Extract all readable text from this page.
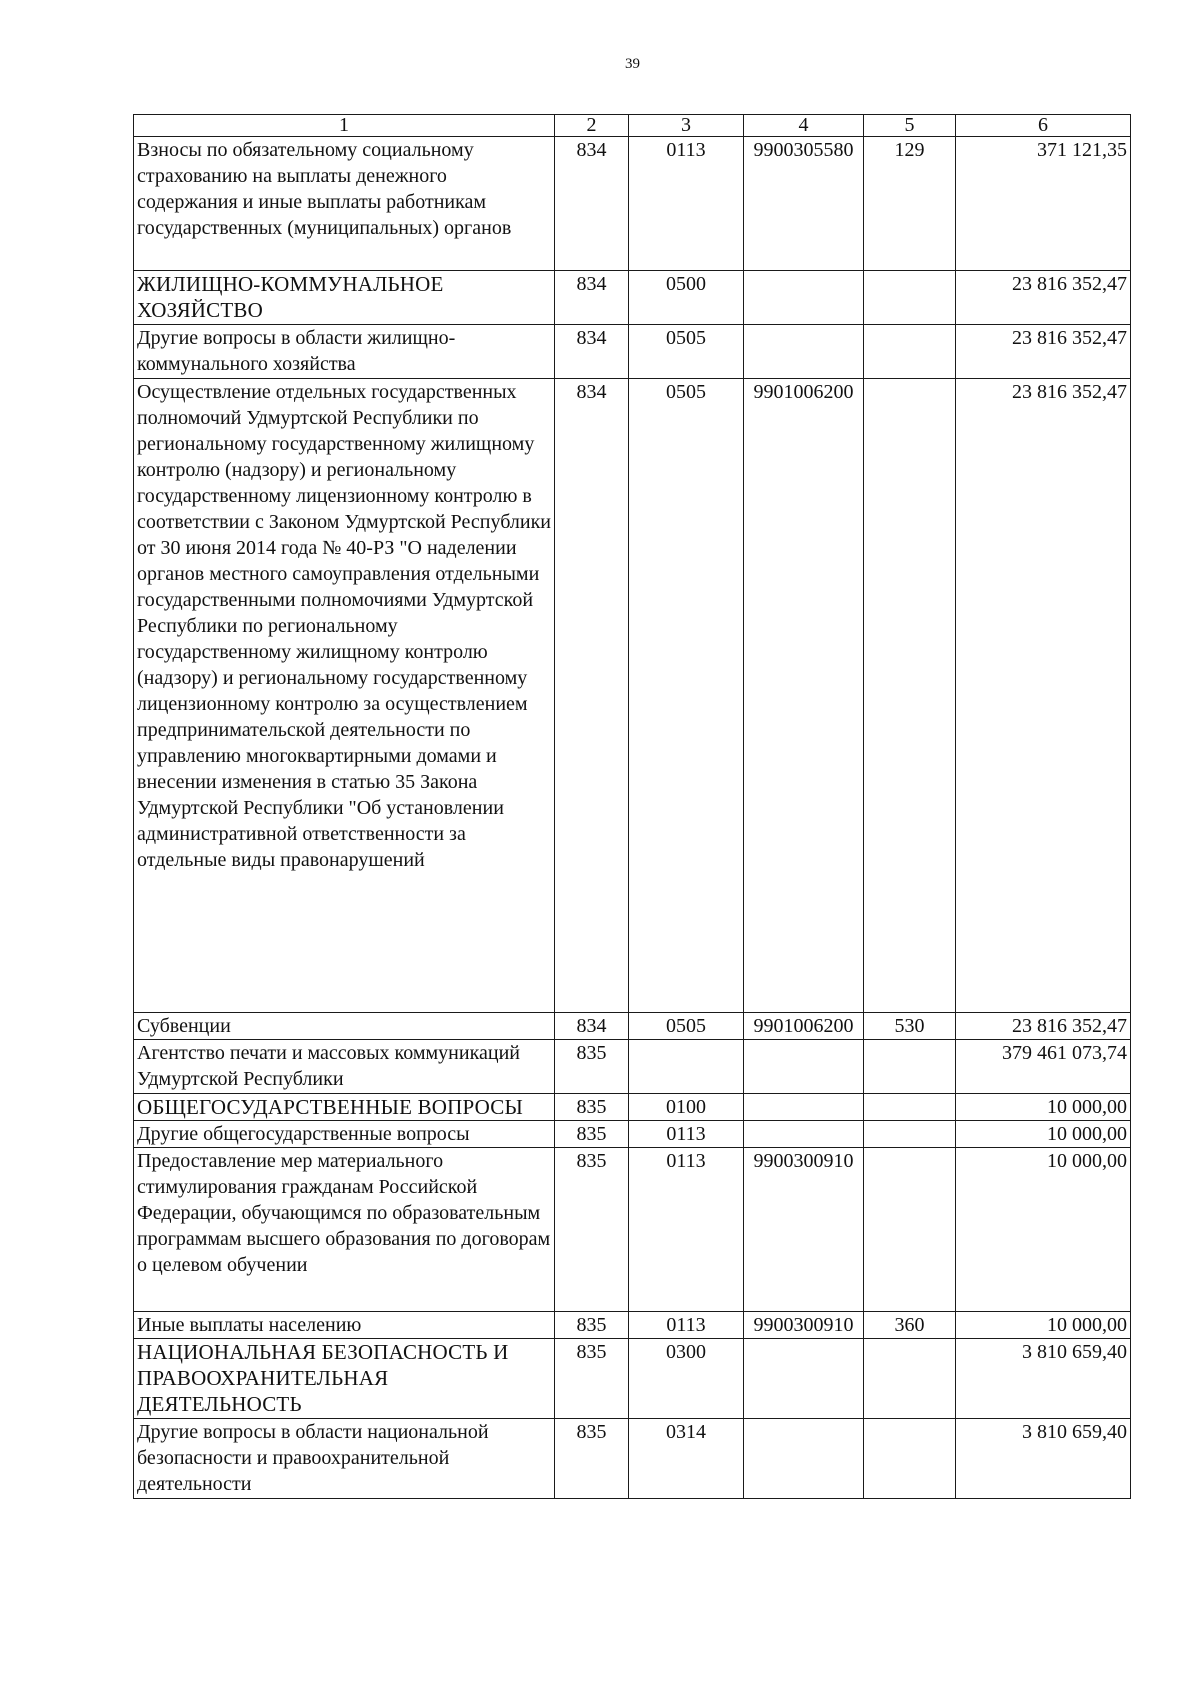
39
1	2	3	4	5	6
Взносы по обязательному социальному страхованию на выплаты денежного содержания и иные выплаты работникам государственных (муниципальных) органов	834	0113	9900305580	129	371 121,35
ЖИЛИЩНО-КОММУНАЛЬНОЕ ХОЗЯЙСТВО	834	0500			23 816 352,47
Другие вопросы в области жилищно-коммунального хозяйства	834	0505			23 816 352,47
Осуществление отдельных государственных полномочий Удмуртской Республики по региональному государственному жилищному контролю (надзору) и региональному государственному лицензионному контролю в соответствии с Законом Удмуртской Республики от 30 июня 2014 года № 40-РЗ "О наделении органов местного самоуправления отдельными государственными полномочиями Удмуртской Республики по региональному государственному жилищному контролю (надзору) и региональному государственному лицензионному контролю за осуществлением предпринимательской деятельности по управлению многоквартирными домами и внесении изменения в статью 35 Закона Удмуртской Республики "Об установлении административной ответственности за отдельные виды правонарушений	834	0505	9901006200		23 816 352,47
Субвенции	834	0505	9901006200	530	23 816 352,47
Агентство печати и массовых коммуникаций Удмуртской Республики	835				379 461 073,74
ОБЩЕГОСУДАРСТВЕННЫЕ ВОПРОСЫ	835	0100			10 000,00
Другие общегосударственные вопросы	835	0113			10 000,00
Предоставление мер материального стимулирования гражданам Российской Федерации, обучающимся по образовательным программам высшего образования по договорам о целевом обучении	835	0113	9900300910		10 000,00
Иные выплаты населению	835	0113	9900300910	360	10 000,00
НАЦИОНАЛЬНАЯ БЕЗОПАСНОСТЬ И ПРАВООХРАНИТЕЛЬНАЯ ДЕЯТЕЛЬНОСТЬ	835	0300			3 810 659,40
Другие вопросы в области национальной безопасности и правоохранительной деятельности	835	0314			3 810 659,40
